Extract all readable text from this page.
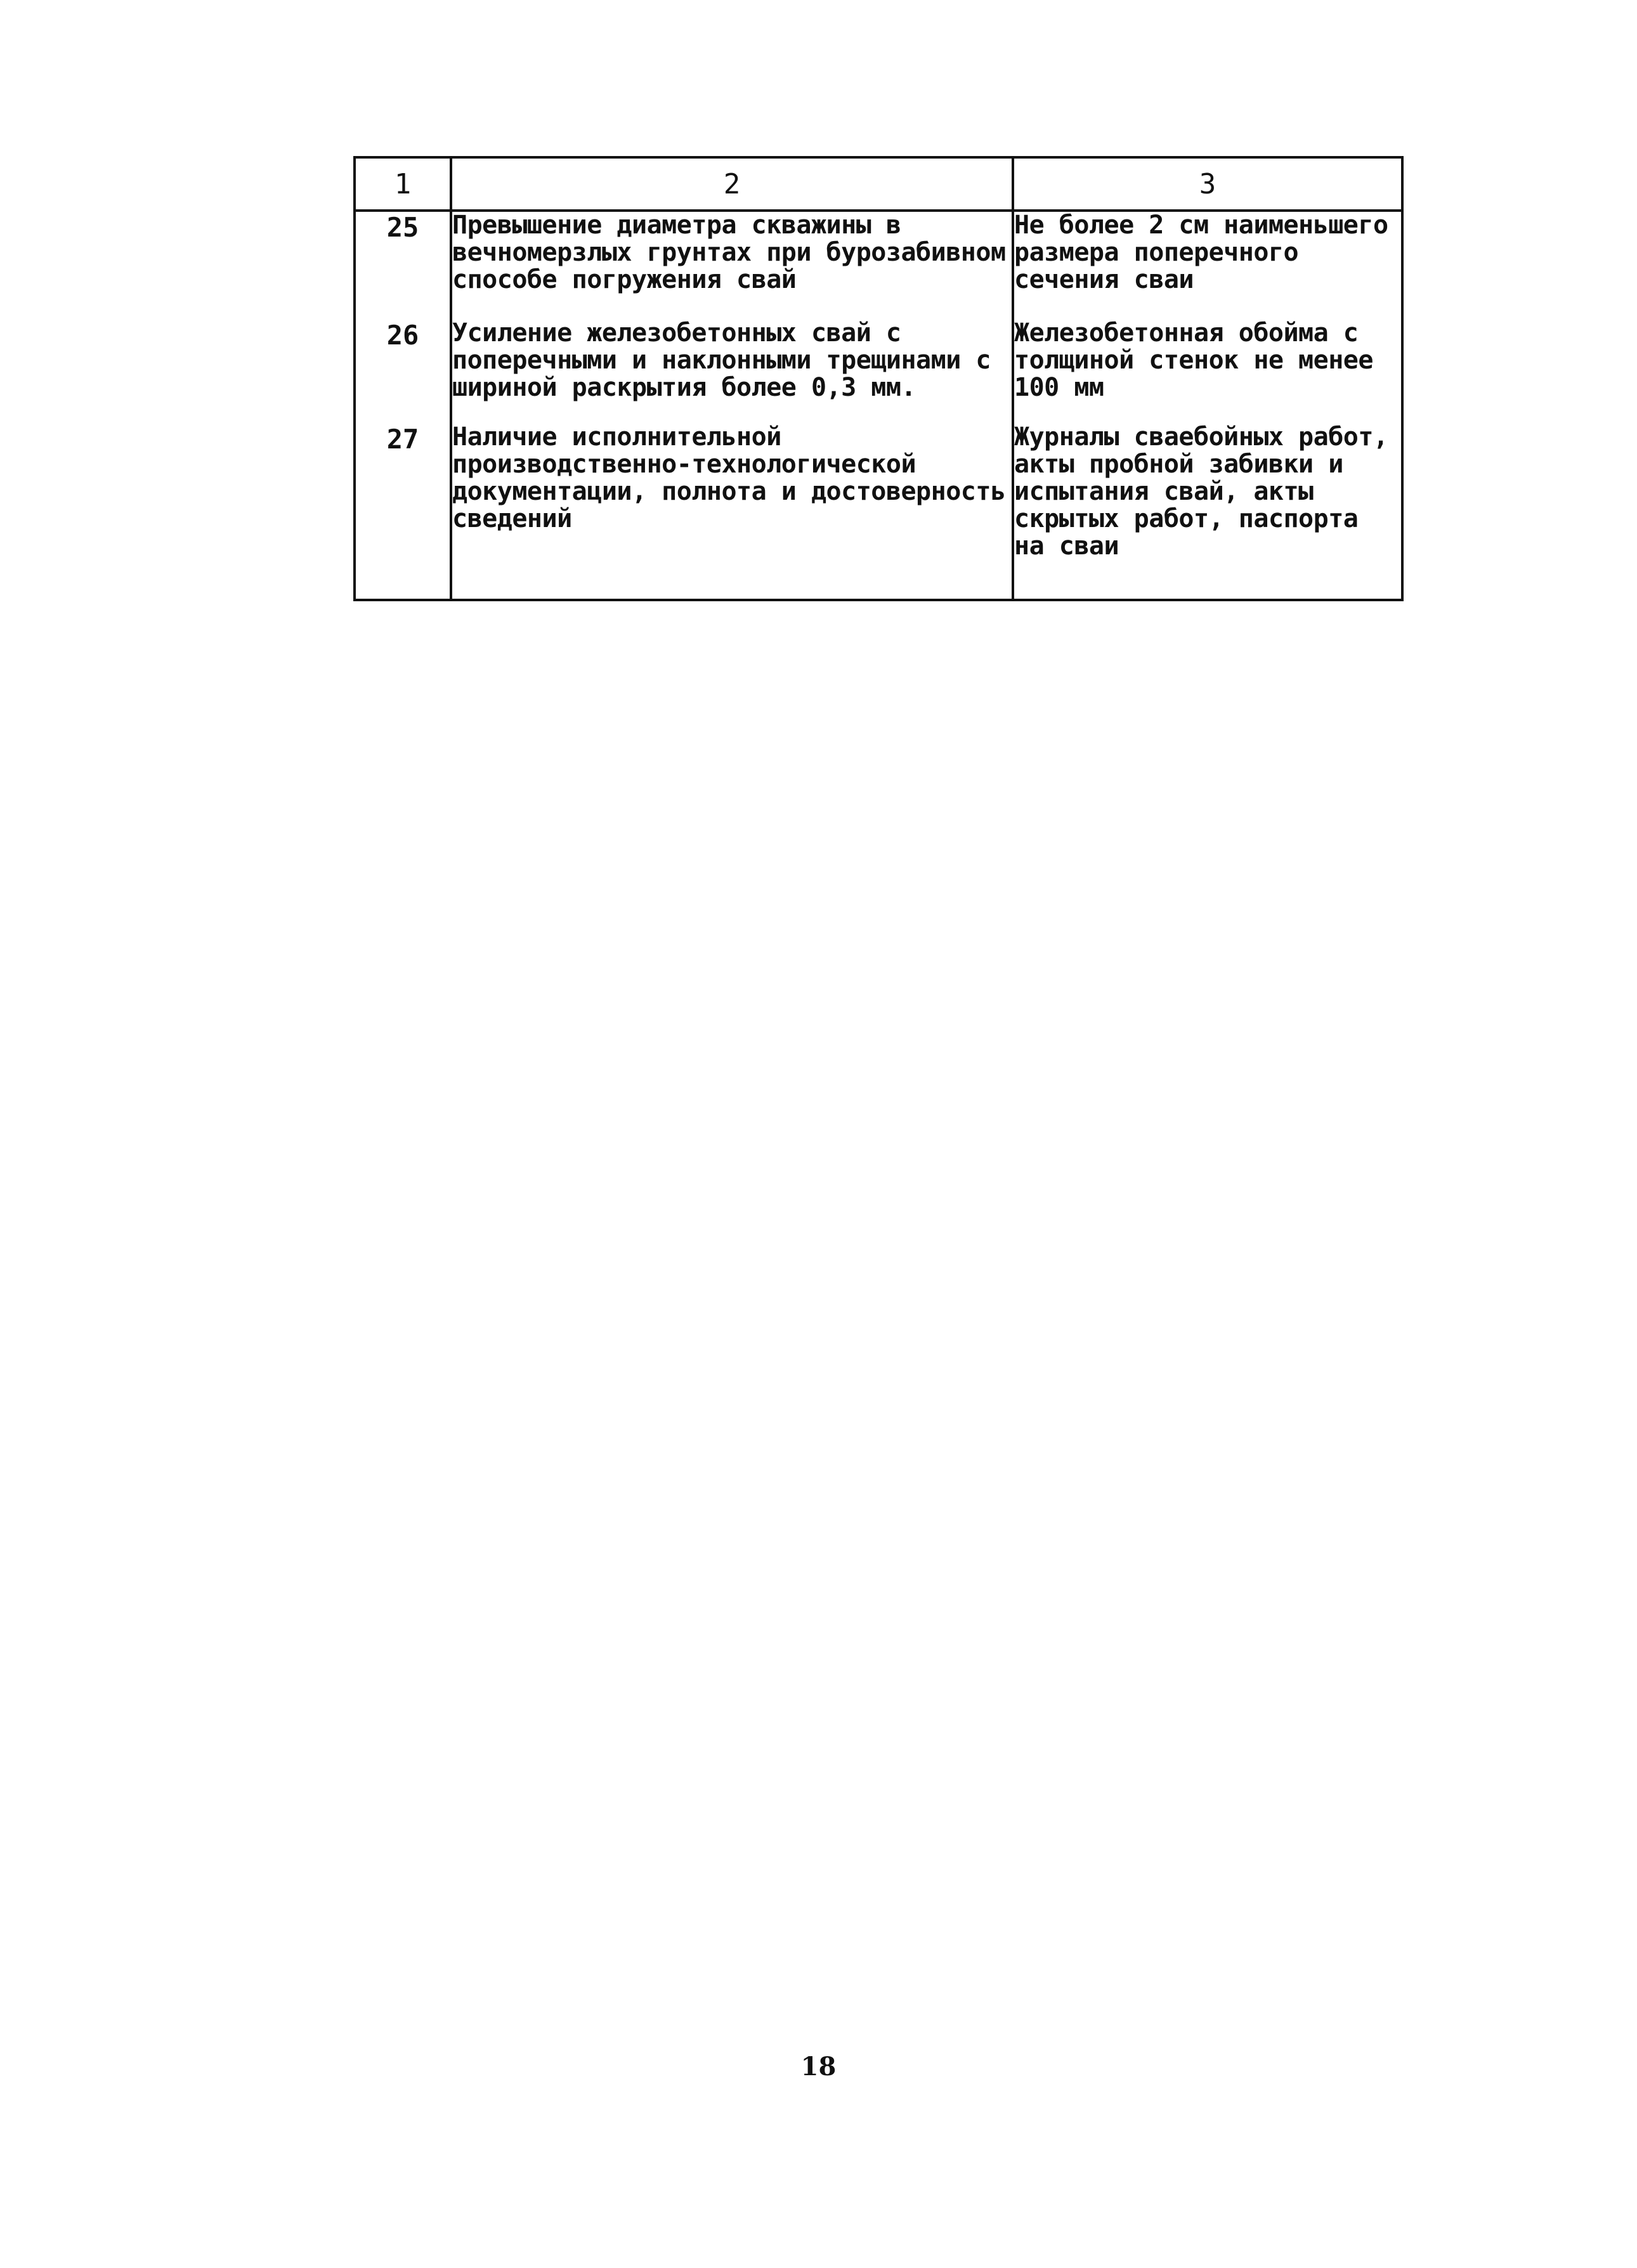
1	2	3
25	Превышение диаметра скважины в вечномерзлых грунтах при бурозабивном способе погружения свай	Не более 2 см наименьшего размера поперечного сечения сваи
26	Усиление железобетонных свай с поперечными и наклонными трещинами с шириной раскрытия более 0,3 мм.	Железобетонная обойма с толщиной стенок не менее 100 мм
27	Наличие исполнительной производственно-технологической документации, полнота и достоверность сведений	Журналы сваебойных работ, акты пробной забивки и испытания свай, акты скрытых работ, паспорта на сваи
18
